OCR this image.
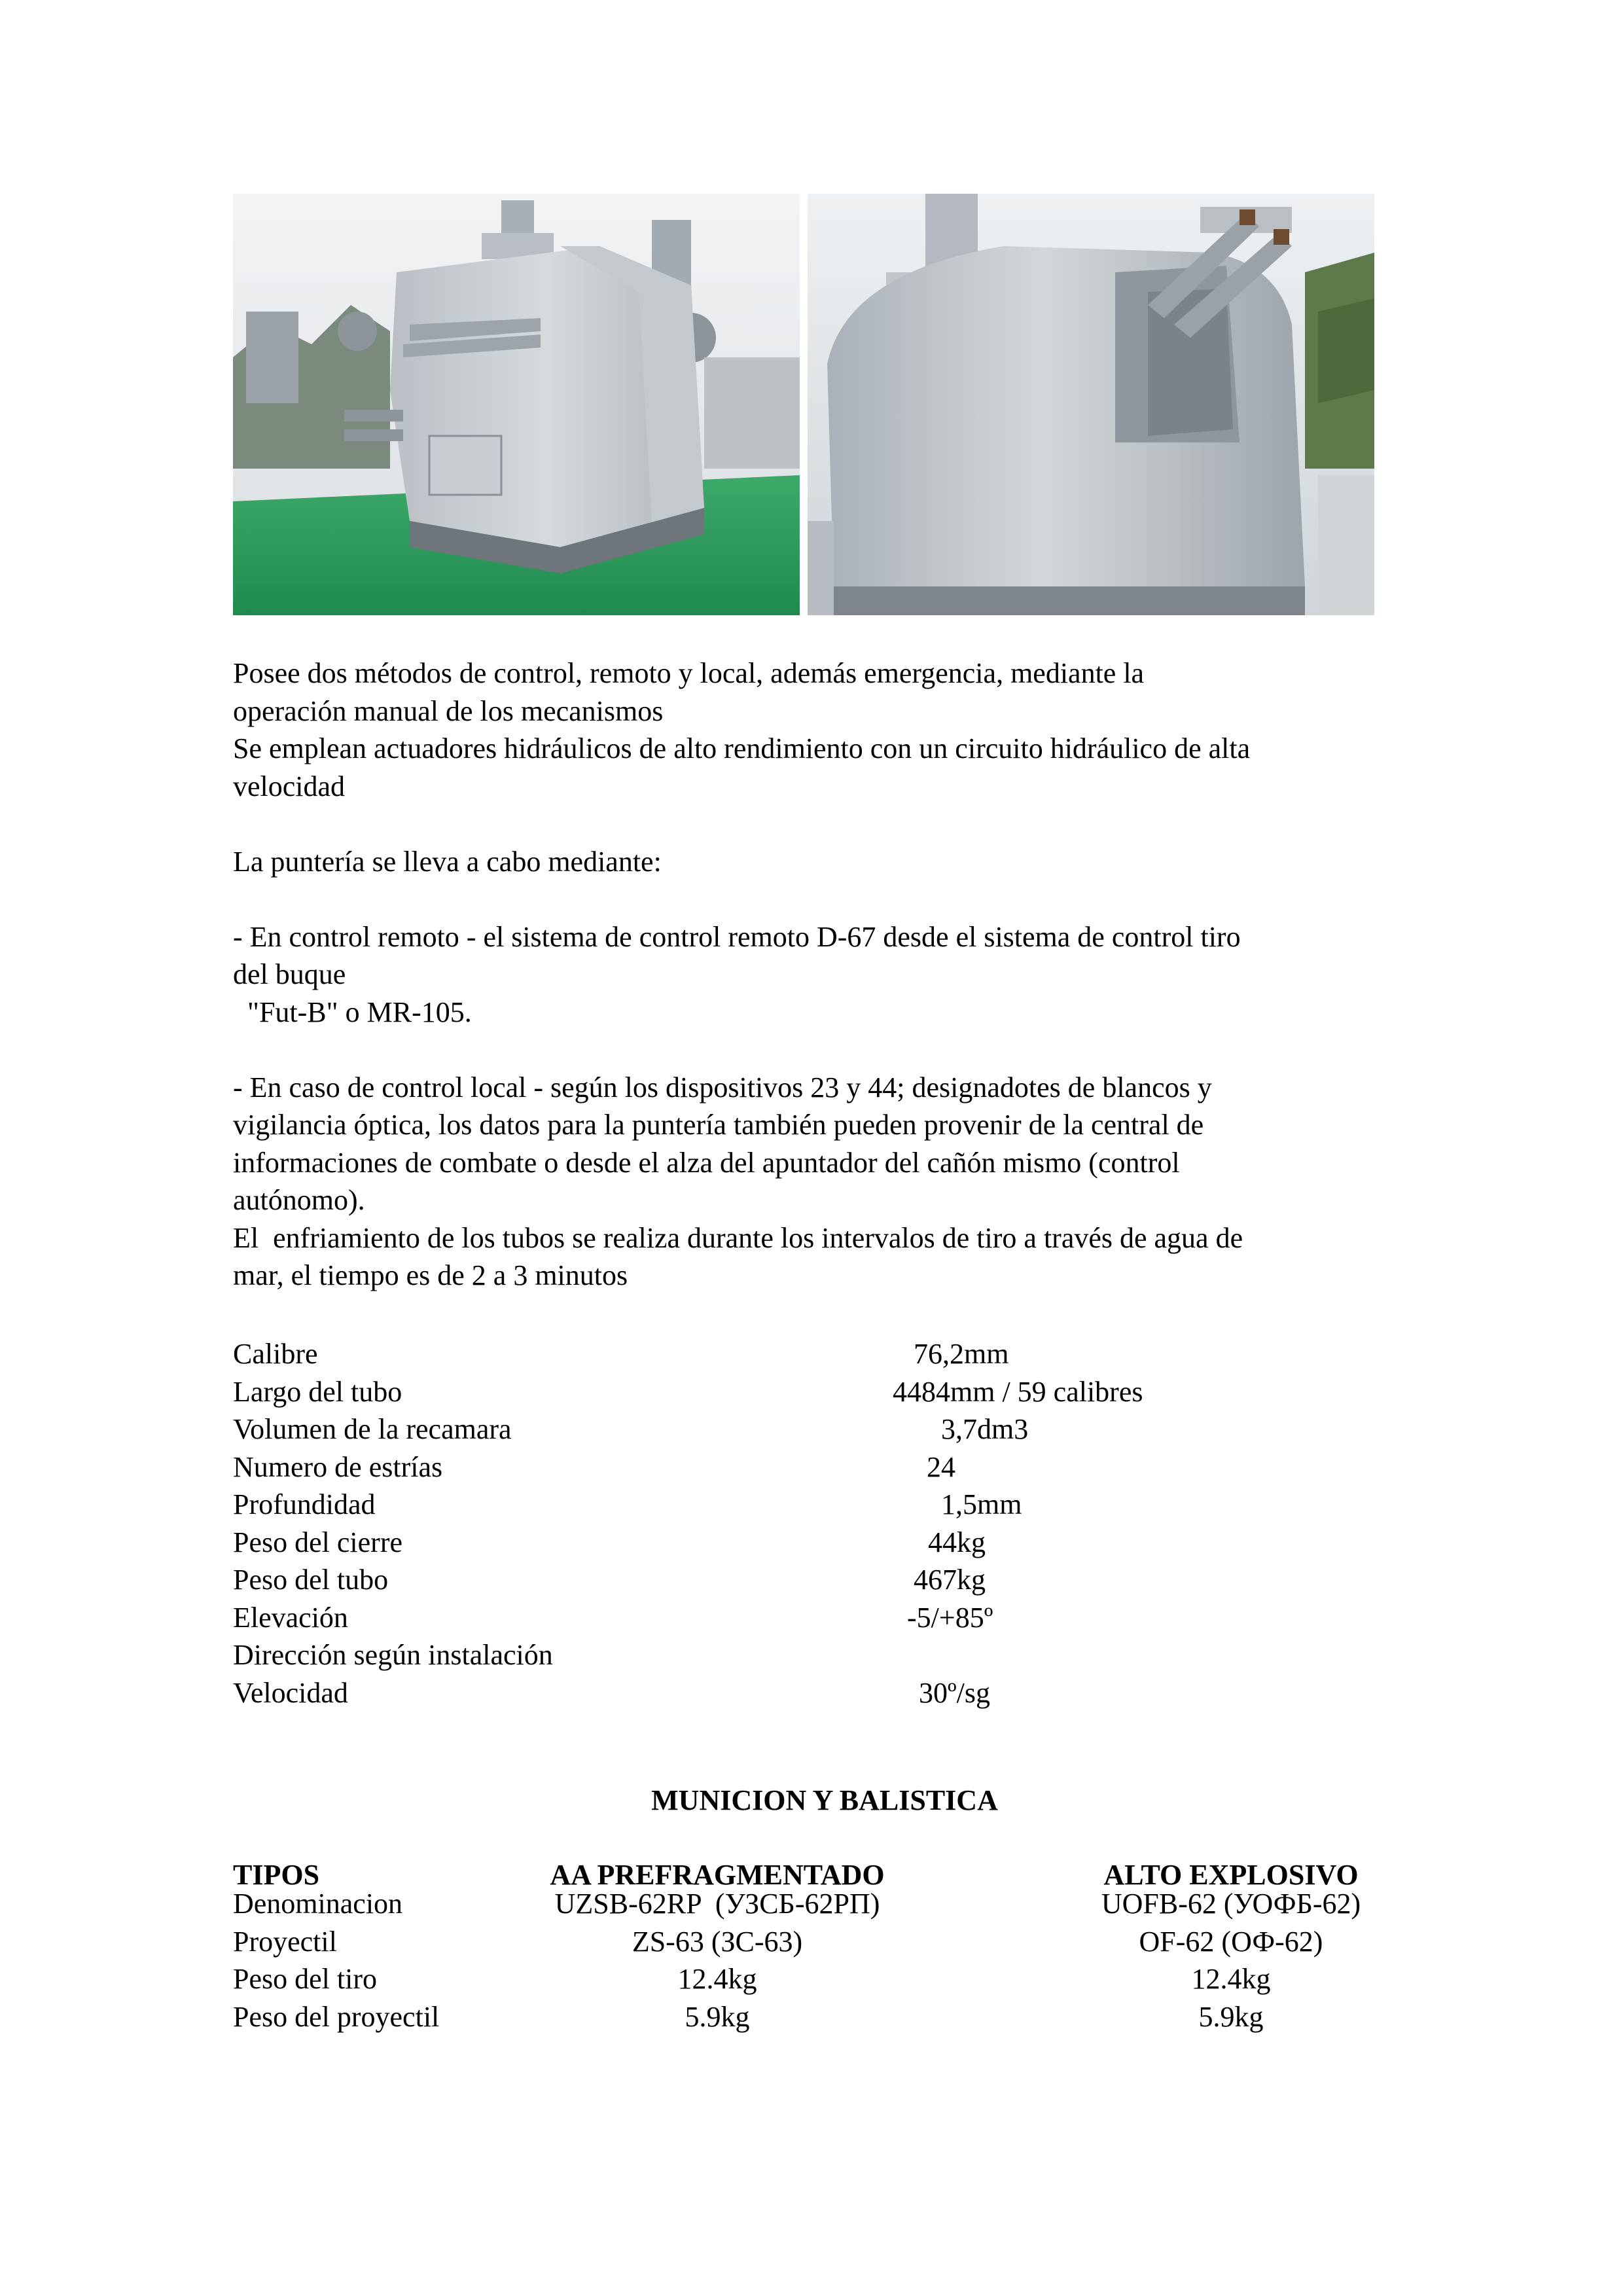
Posee dos métodos de control, remoto y local, además emergencia, mediante la

operación manual de los mecanismos

Se emplean actuadores hidráulicos de alto rendimiento con un circuito hidráulico de alta

velocidad

La puntería se lleva a cabo mediante:

- En control remoto - el sistema de control remoto D-67 desde el sistema de control tiro

del buque

"Fut-B" o MR-105.

- En caso de control local - según los dispositivos 23 y 44; designadotes de blancos y

vigilancia óptica, los datos para la puntería también pueden provenir de la central de

informaciones de combate o desde el alza del apuntador del cañón mismo (control

autónomo).

El  enfriamiento de los tubos se realiza durante los intervalos de tiro a través de agua de

mar, el tiempo es de 2 a 3 minutos

Calibre	76,2mm
Largo del tubo	4484mm / 59 calibres
Volumen de la recamara	3,7dm3
Numero de estrías	24
Profundidad	1,5mm
Peso del cierre	44kg
Peso del tubo	467kg
Elevación	-5/+85º
Dirección según instalación
Velocidad	30º/sg
MUNICION Y BALISTICA
TIPOS	AA PREFRAGMENTADO	ALTO EXPLOSIVO
Denominacion	UZSB-62RP  (УЗСБ-62РП)	UOFB-62 (УОФБ-62)
Proyectil	ZS-63 (ЗС-63)	OF-62 (ОФ-62)
Peso del tiro	12.4kg	12.4kg
Peso del proyectil	5.9kg	5.9kg
